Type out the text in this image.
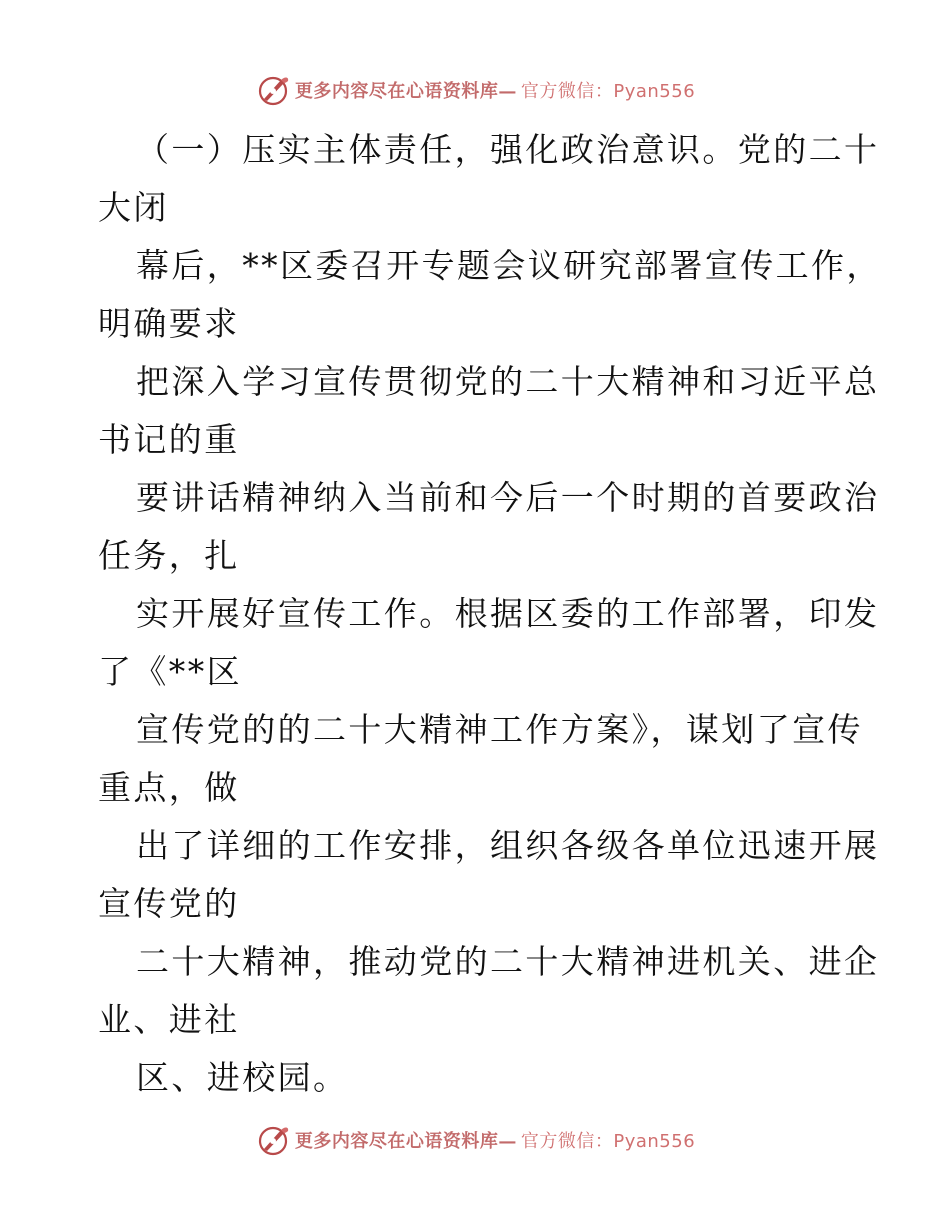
更多内容尽在心语资料库— 官方微信：Pyan556
（一）压实主体责任，强化政治意识。党的二十
大闭
幕后，**区委召开专题会议研究部署宣传工作，
明确要求
把深入学习宣传贯彻党的二十大精神和习近平总
书记的重
要讲话精神纳入当前和今后一个时期的首要政治
任务，扎
实开展好宣传工作。根据区委的工作部署，印发
了《**区
宣传党的的二十大精神工作方案》，谋划了宣传
重点，做
出了详细的工作安排，组织各级各单位迅速开展
宣传党的
二十大精神，推动党的二十大精神进机关、进企
业、进社
区、进校园。
更多内容尽在心语资料库— 官方微信：Pyan556
